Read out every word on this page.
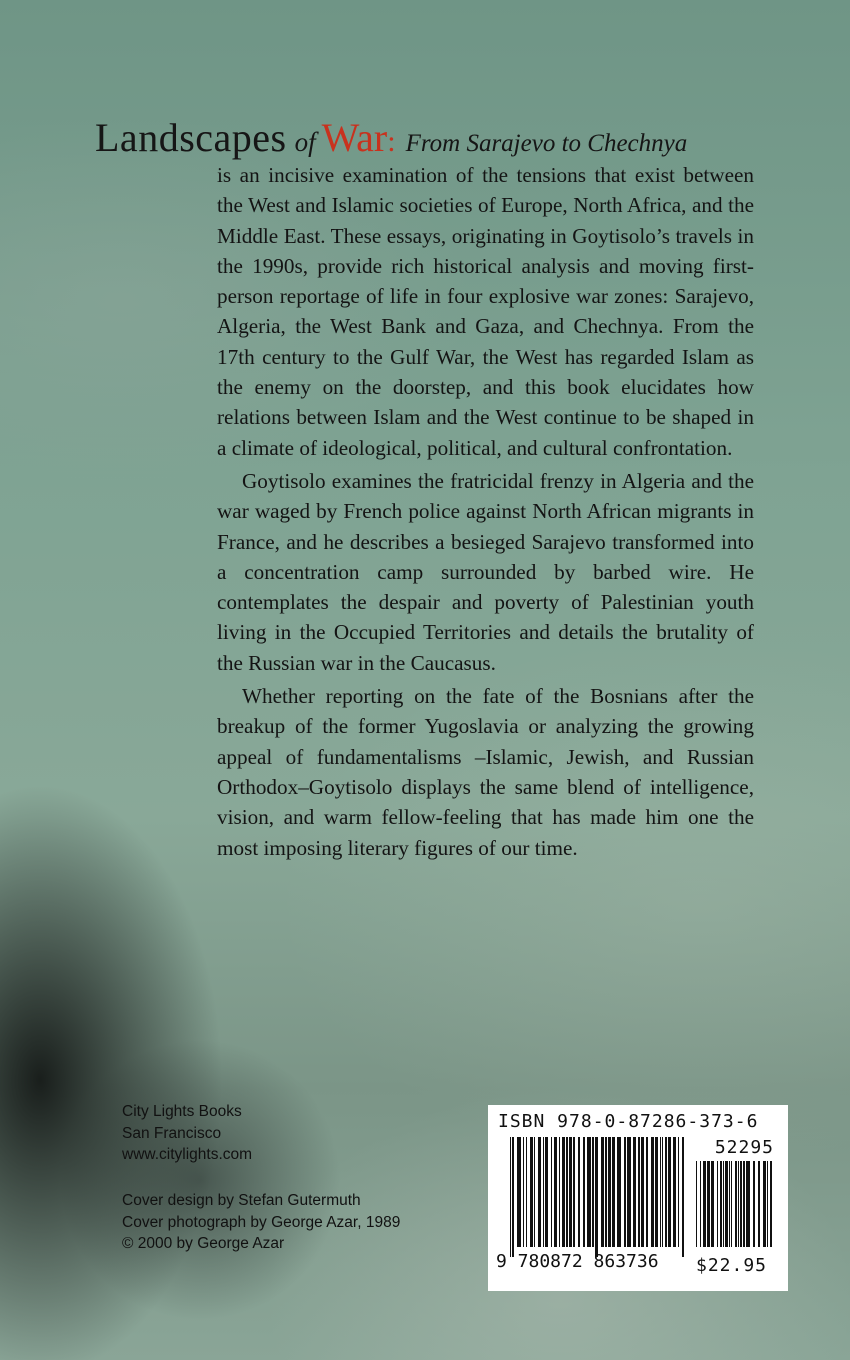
Landscapes of War: From Sarajevo to Chechnya

is an incisive examination of the tensions that exist between the West and Islamic societies of Europe, North Africa, and the Middle East. These essays, originating in Goytisolo’s travels in the 1990s, provide rich historical analysis and moving first-person reportage of life in four explosive war zones: Sarajevo, Algeria, the West Bank and Gaza, and Chechnya. From the 17th century to the Gulf War, the West has regarded Islam as the enemy on the doorstep, and this book elucidates how relations between Islam and the West continue to be shaped in a climate of ideological, political, and cultural confrontation.

Goytisolo examines the fratricidal frenzy in Algeria and the war waged by French police against North African migrants in France, and he describes a besieged Sarajevo transformed into a concentration camp surrounded by barbed wire. He contemplates the despair and poverty of Palestinian youth living in the Occupied Territories and details the brutality of the Russian war in the Caucasus.

Whether reporting on the fate of the Bosnians after the breakup of the former Yugoslavia or analyzing the growing appeal of fundamentalisms –Islamic, Jewish, and Russian Orthodox–Goytisolo displays the same blend of intelligence, vision, and warm fellow-feeling that has made him one the most imposing literary figures of our time.

City Lights Books
San Francisco
www.citylights.com
Cover design by Stefan Gutermuth
Cover photograph by George Azar, 1989
© 2000 by George Azar
ISBN 978-0-87286-373-6
52295
9 780872 863736 $22.95
